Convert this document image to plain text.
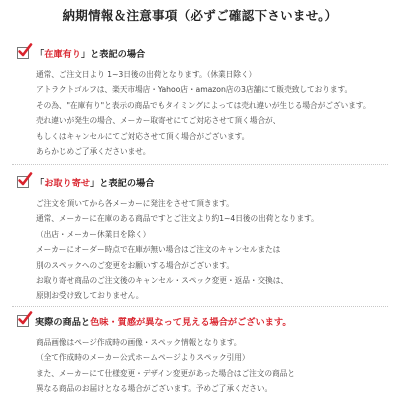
納期情報＆注意事項（必ずご確認下さいませ。）
「在庫有り」と表記の場合
通常、ご注文日より 1~3日後の出荷となります。（休業日除く）
アトラクトゴルフは、楽天市場店・Yahoo店・amazon店の3店舗にて販売致しております。
その為、"在庫有り"と表示の商品でもタイミングによっては売れ違いが生じる場合がございます。
売れ違いが発生の場合、メーカー取寄せにてご対応させて頂く場合が、
もしくはキャンセルにてご対応させて頂く場合がございます。
あらかじめご了承くださいませ。
「お取り寄せ」と表記の場合
ご注文を頂いてから各メーカーに発注をさせて頂きます。
通常、メーカーに在庫のある商品ですとご注文より約1~4日後の出荷となります。
（出店・メーカー休業日を除く）
メーカーにオーダー時点で在庫が無い場合はご注文のキャンセルまたは
別のスペックへのご変更をお願いする場合がございます。
お取り寄せ商品のご注文後のキャンセル・スペック変更・返品・交換は、
原則お受け致しておりません。
実際の商品と色味・質感が異なって見える場合がございます。
商品画像はページ作成時の画像・スペック情報となります。
（全て作成時のメーカー公式ホームページよりスペック引用）
また、メーカーにて仕様変更・デザイン変更があった場合はご注文の商品と
異なる商品のお届けとなる場合がございます。予めご了承ください。
